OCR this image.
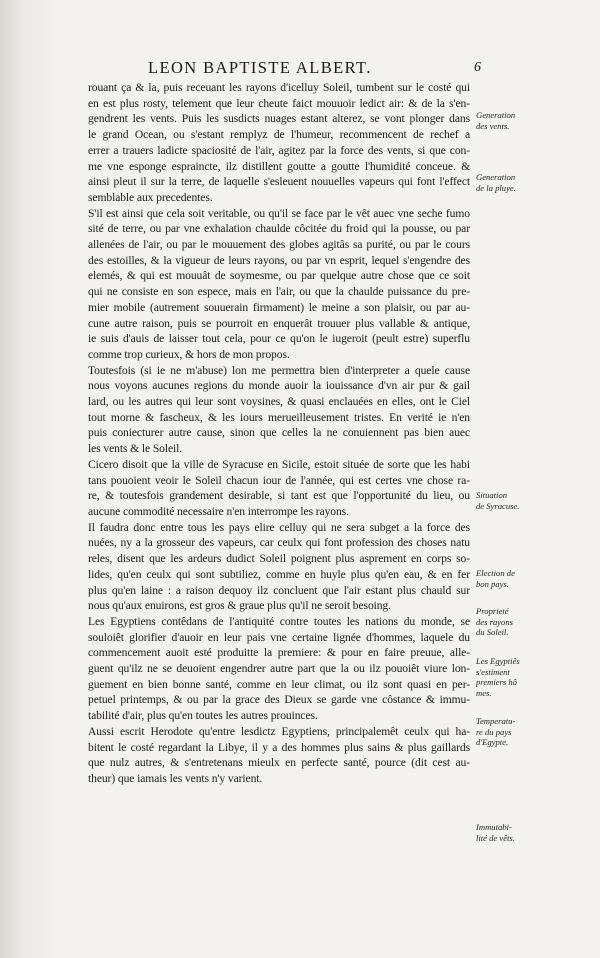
LEON BAPTISTE ALBERT.	6
rouant ça & la, puis receuant les rayons d'icelluy Soleil, tumbent sur le costé qui
en est plus rosty, telement que leur cheute faict mouuoir ledict air: & de la s'en-
gendrent les vents. Puis les susdicts nuages estant alterez, se vont plonger dans
le grand Ocean, ou s'estant remplyz de l'humeur, recommencent de rechef a
errer a trauers ladicte spaciosité de l'air, agitez par la force des vents, si que con-
me vne esponge espraincte, ilz distillent goutte a goutte l'humidité conceue. &
ainsi pleut il sur la terre, de laquelle s'esleuent nouuelles vapeurs qui font l'effect
semblable aux precedentes.
S'il est ainsi que cela soit veritable, ou qu'il se face par le vêt auec vne seche fumo
sité de terre, ou par vne exhalation chaulde côcitée du froid qui la pousse, ou par
allenées de l'air, ou par le mouuement des globes agitâs sa purité, ou par le cours
des estoilles, & la vigueur de leurs rayons, ou par vn esprit, lequel s'engendre des
elemés, & qui est mouuât de soymesme, ou par quelque autre chose que ce soit
qui ne consiste en son espece, mais en l'air, ou que la chaulde puissance du pre-
mier mobile (autrement souuerain firmament) le meine a son plaisir, ou par au-
cune autre raison, puis se pourroit en enquerât trouuer plus vallable & antique,
ie suis d'auis de laisser tout cela, pour ce qu'on le iugeroit (peult estre) superflu
comme trop curieux, & hors de mon propos.
Toutesfois (si ie ne m'abuse) lon me permettra bien d'interpreter a quele cause
nous voyons aucunes regions du monde auoir la iouissance d'vn air pur & gail
lard, ou les autres qui leur sont voysines, & quasi enclauées en elles, ont le Ciel
tout morne & fascheux, & les iours merueilleusement tristes. En verité ie n'en
puis coniecturer autre cause, sinon que celles la ne conuiennent pas bien auec
les vents & le Soleil.
Cicero disoit que la ville de Syracuse en Sicile, estoit située de sorte que les habi
tans pouoient veoir le Soleil chacun iour de l'année, qui est certes vne chose ra-
re, & toutesfois grandement desirable, si tant est que l'opportunité du lieu, ou
aucune commodité necessaire n'en interrompe les rayons.
Il faudra donc entre tous les pays elire celluy qui ne sera subget a la force des
nuées, ny a la grosseur des vapeurs, car ceulx qui font profession des choses natu
reles, disent que les ardeurs dudict Soleil poignent plus asprement en corps so-
lides, qu'en ceulx qui sont subtiliez, comme en huyle plus qu'en eau, & en fer
plus qu'en laine : a raison dequoy ilz concluent que l'air estant plus chauld sur
nous qu'aux enuirons, est gros & graue plus qu'il ne seroit besoing.
Les Egyptiens contêdans de l'antiquité contre toutes les nations du monde, se
souloiêt glorifier d'auoir en leur pais vne certaine lignée d'hommes, laquele du
commencement auoit esté produitte la premiere: & pour en faire preuue, alle-
guent qu'ilz ne se deuoient engendrer autre part que la ou ilz pouoiêt viure lon-
guement en bien bonne santé, comme en leur climat, ou ilz sont quasi en per-
petuel printemps, & ou par la grace des Dieux se garde vne côstance & immu-
tabilité d'air, plus qu'en toutes les autres prouinces.
Aussi escrit Herodote qu'entre lesdictz Egyptiens, principalemêt ceulx qui ha-
bitent le costé regardant la Libye, il y a des hommes plus sains & plus gaillards
que nulz autres, & s'entretenans mieulx en perfecte santé, pource (dit cest au-
theur) que iamais les vents n'y varient.
Generation
des vents.
Generation
de la pluye.
Situation
de Syracuse.
Election de
bon pays.
Proprieté
des rayons
du Soleil.
Les Egyptiês
s'estiment
premiers hô
mes.
Temperatu-
re du pays
d'Egypte.
Immutabi-
lité de vêts.
